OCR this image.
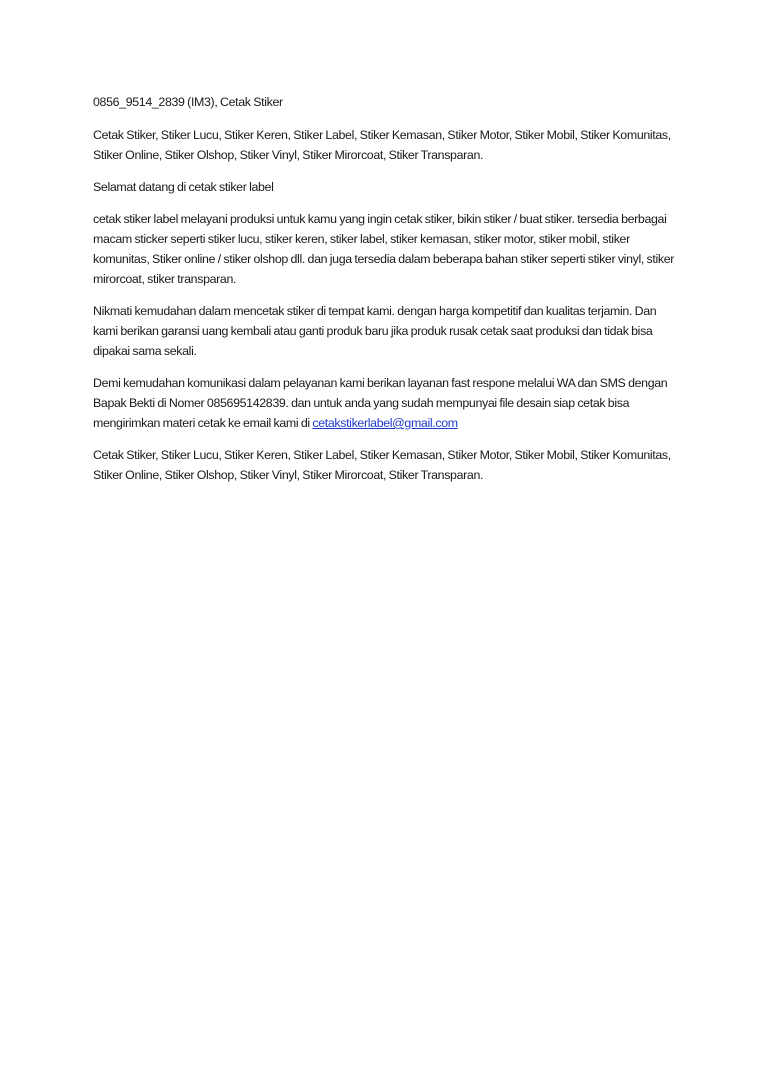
0856_9514_2839 (IM3), Cetak Stiker

Cetak Stiker, Stiker Lucu, Stiker Keren, Stiker Label, Stiker Kemasan, Stiker Motor, Stiker Mobil, Stiker Komunitas, Stiker Online, Stiker Olshop, Stiker Vinyl, Stiker Mirorcoat, Stiker Transparan.

Selamat datang di cetak stiker label

cetak stiker label melayani produksi untuk kamu yang ingin cetak stiker, bikin stiker / buat stiker. tersedia berbagai macam sticker seperti stiker lucu, stiker keren, stiker label, stiker kemasan, stiker motor, stiker mobil, stiker komunitas, Stiker online / stiker olshop dll. dan juga tersedia dalam beberapa bahan stiker seperti stiker vinyl, stiker mirorcoat, stiker transparan.

Nikmati kemudahan dalam mencetak stiker di tempat kami. dengan harga kompetitif dan kualitas terjamin. Dan kami berikan garansi uang kembali atau ganti produk baru jika produk rusak cetak saat produksi dan tidak bisa dipakai sama sekali.

Demi kemudahan komunikasi dalam pelayanan kami berikan layanan fast respone melalui WA dan SMS dengan Bapak Bekti di Nomer 085695142839. dan untuk anda yang sudah mempunyai file desain siap cetak bisa mengirimkan materi cetak ke email kami di cetakstikerlabel@gmail.com

Cetak Stiker, Stiker Lucu, Stiker Keren, Stiker Label, Stiker Kemasan, Stiker Motor, Stiker Mobil, Stiker Komunitas, Stiker Online, Stiker Olshop, Stiker Vinyl, Stiker Mirorcoat, Stiker Transparan.
